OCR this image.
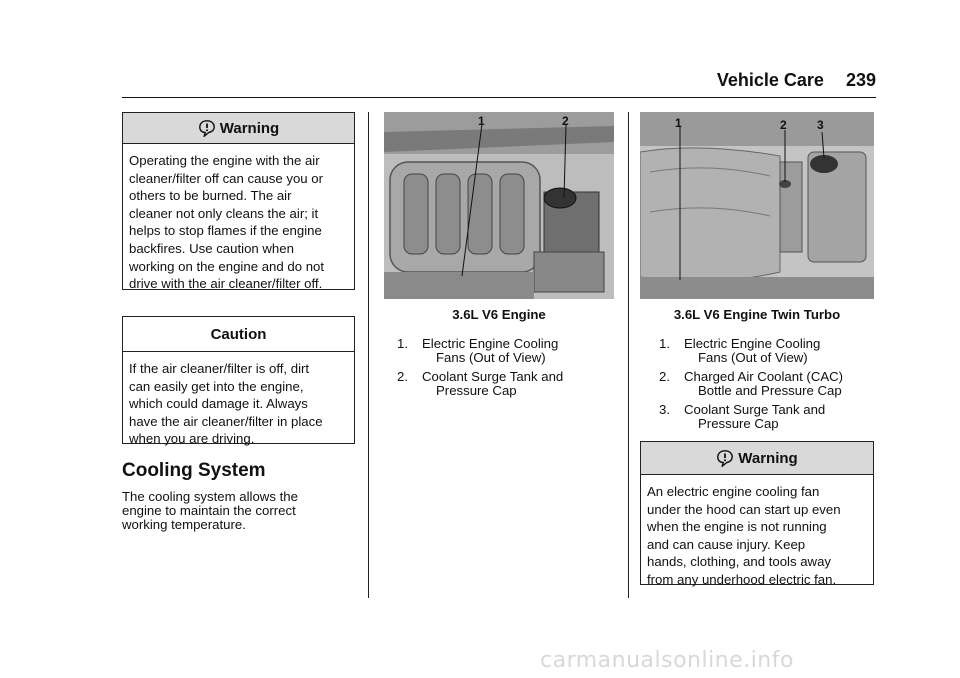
Vehicle Care 239
Warning
Operating the engine with the air
cleaner/filter off can cause you or
others to be burned. The air
cleaner not only cleans the air; it
helps to stop flames if the engine
backfires. Use caution when
working on the engine and do not
drive with the air cleaner/filter off.
Caution
If the air cleaner/filter is off, dirt
can easily get into the engine,
which could damage it. Always
have the air cleaner/filter in place
when you are driving.
Cooling System
The cooling system allows the
engine to maintain the correct
working temperature.
1	2
3.6L V6 Engine
1. Electric Engine Cooling
Fans (Out of View)
2. Coolant Surge Tank and
Pressure Cap
1	2	3
3.6L V6 Engine Twin Turbo
1. Electric Engine Cooling
Fans (Out of View)
2. Charged Air Coolant (CAC)
Bottle and Pressure Cap
3. Coolant Surge Tank and
Pressure Cap
Warning
An electric engine cooling fan
under the hood can start up even
when the engine is not running
and can cause injury. Keep
hands, clothing, and tools away
from any underhood electric fan.
carmanualsonline.info
